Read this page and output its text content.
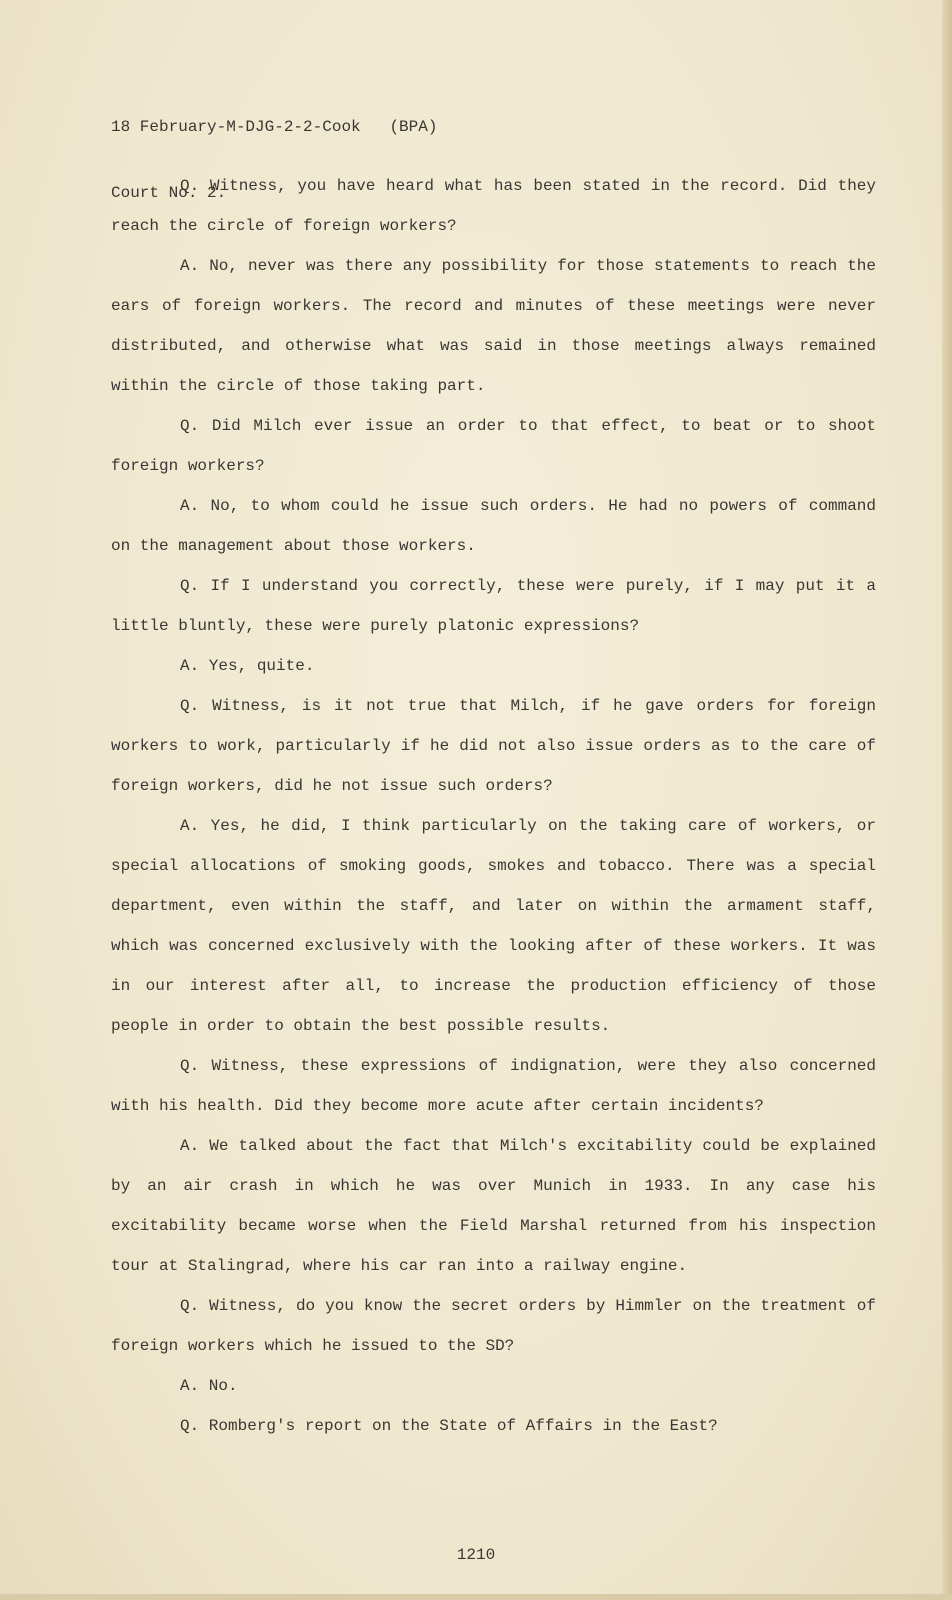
18 February-M-DJG-2-2-Cook   (BPA)

Court No. 2.

Q. Witness, you have heard what has been stated in the record. Did they reach the circle of foreign workers?

A. No, never was there any possibility for those statements to reach the ears of foreign workers. The record and minutes of these meetings were never distributed, and otherwise what was said in those meetings always remained within the circle of those taking part.

Q. Did Milch ever issue an order to that effect, to beat or to shoot foreign workers?

A. No, to whom could he issue such orders. He had no powers of command on the management about those workers.

Q. If I understand you correctly, these were purely, if I may put it a little bluntly, these were purely platonic expressions?

A. Yes, quite.

Q. Witness, is it not true that Milch, if he gave orders for foreign workers to work, particularly if he did not also issue orders as to the care of foreign workers, did he not issue such orders?

A. Yes, he did, I think particularly on the taking care of workers, or special allocations of smoking goods, smokes and tobacco. There was a special department, even within the staff, and later on within the armament staff, which was concerned exclusively with the looking after of these workers. It was in our interest after all, to increase the production efficiency of those people in order to obtain the best possible results.

Q. Witness, these expressions of indignation, were they also concerned with his health. Did they become more acute after certain incidents?

A. We talked about the fact that Milch's excitability could be explained by an air crash in which he was over Munich in 1933. In any case his excitability became worse when the Field Marshal returned from his inspection tour at Stalingrad, where his car ran into a railway engine.

Q. Witness, do you know the secret orders by Himmler on the treatment of foreign workers which he issued to the SD?

A. No.

Q. Romberg's report on the State of Affairs in the East?

1210
